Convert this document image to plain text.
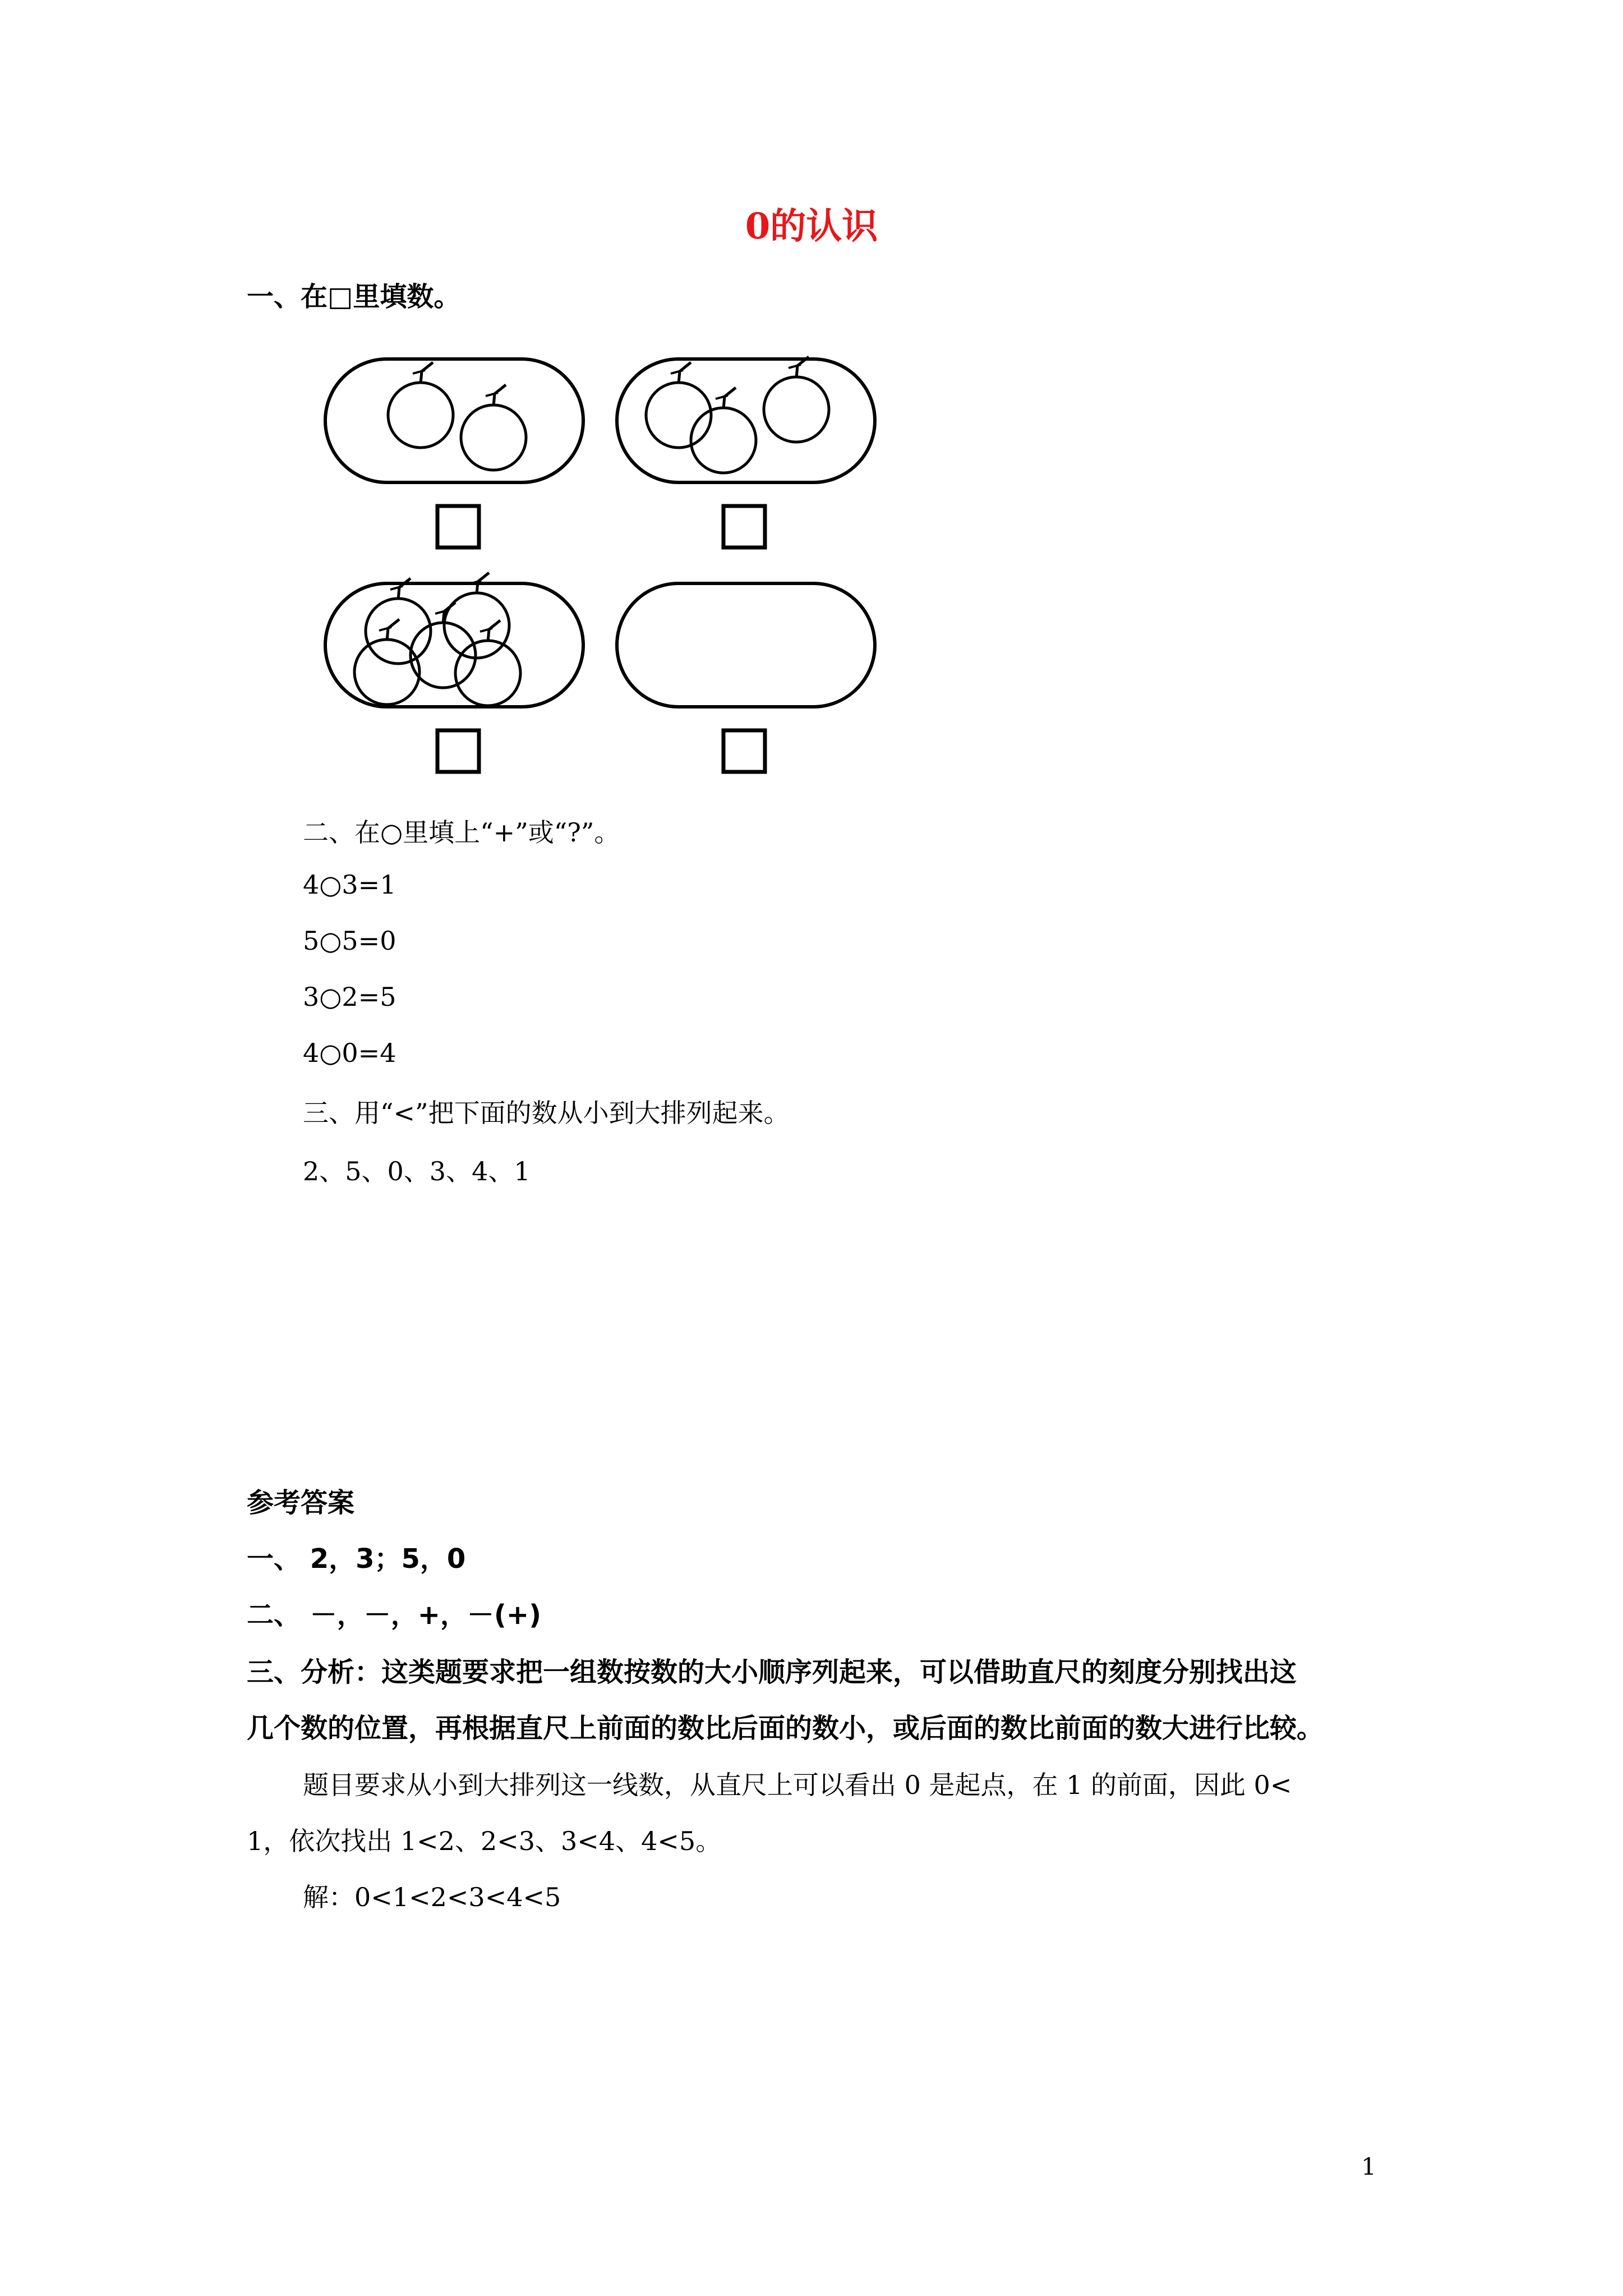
0的认识
一、在□里填数。
二、在○里填上“+”或“?”。
4○3=1
5○5=0
3○2=5
4○0=4
三、用“<”把下面的数从小到大排列起来。
2、5、0、3、4、1
参考答案
一、 2，3；5，0
二、 －，－，+，－(+)
三、分析：这类题要求把一组数按数的大小顺序列起来，可以借助直尺的刻度分别找出这
几个数的位置，再根据直尺上前面的数比后面的数小，或后面的数比前面的数大进行比较。
题目要求从小到大排列这一线数，从直尺上可以看出 0 是起点，在 1 的前面，因此 0<
1，依次找出 1<2、2<3、3<4、4<5。
解：0<1<2<3<4<5
1
